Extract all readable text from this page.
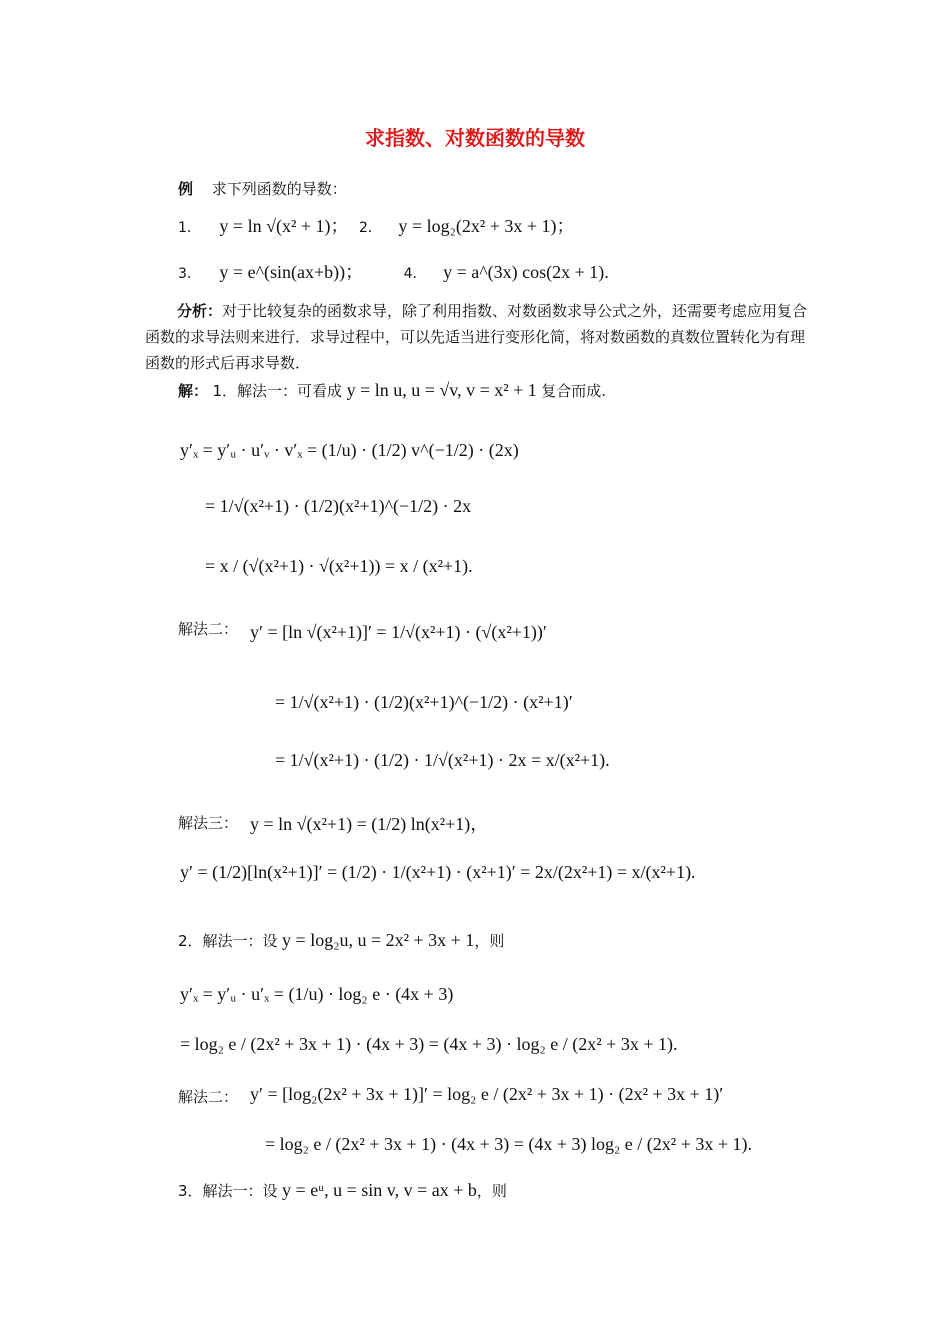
求指数、对数函数的导数
例 求下列函数的导数：
1． y = ln √(x² + 1)； 2． y = log₂(2x² + 3x + 1)；
3． y = e^(sin(ax+b))；	4． y = a^(3x) cos(2x + 1).
分析：对于比较复杂的函数求导，除了利用指数、对数函数求导公式之外，还需要考虑应用复合函数的求导法则来进行．求导过程中，可以先适当进行变形化简，将对数函数的真数位置转化为有理函数的形式后再求导数．
解： 1．解法一：可看成 y = ln u, u = √v, v = x² + 1 复合而成.
y′ₓ = y′ᵤ · u′ᵥ · v′ₓ = (1/u) · (1/2) v^(−1/2) · (2x)
= 1/√(x²+1) · (1/2)(x²+1)^(−1/2) · 2x
= x / (√(x²+1) · √(x²+1)) = x / (x²+1).
解法二： y′ = [ln √(x²+1)]′ = 1/√(x²+1) · (√(x²+1))′
= 1/√(x²+1) · (1/2)(x²+1)^(−1/2) · (x²+1)′
= 1/√(x²+1) · (1/2) · 1/√(x²+1) · 2x = x/(x²+1).
解法三： y = ln √(x²+1) = (1/2) ln(x²+1)，
y′ = (1/2)[ln(x²+1)]′ = (1/2) · 1/(x²+1) · (x²+1)′ = 2x/(2x²+1) = x/(x²+1).
2．解法一：设 y = log₂u, u = 2x² + 3x + 1，则
y′ₓ = y′ᵤ · u′ₓ = (1/u) · log₂ e · (4x + 3)
= log₂ e / (2x² + 3x + 1) · (4x + 3) = (4x + 3) · log₂ e / (2x² + 3x + 1).
解法二： y′ = [log₂(2x² + 3x + 1)]′ = log₂ e / (2x² + 3x + 1) · (2x² + 3x + 1)′
= log₂ e / (2x² + 3x + 1) · (4x + 3) = (4x + 3) log₂ e / (2x² + 3x + 1).
3．解法一：设 y = eᵘ, u = sin v, v = ax + b，则
